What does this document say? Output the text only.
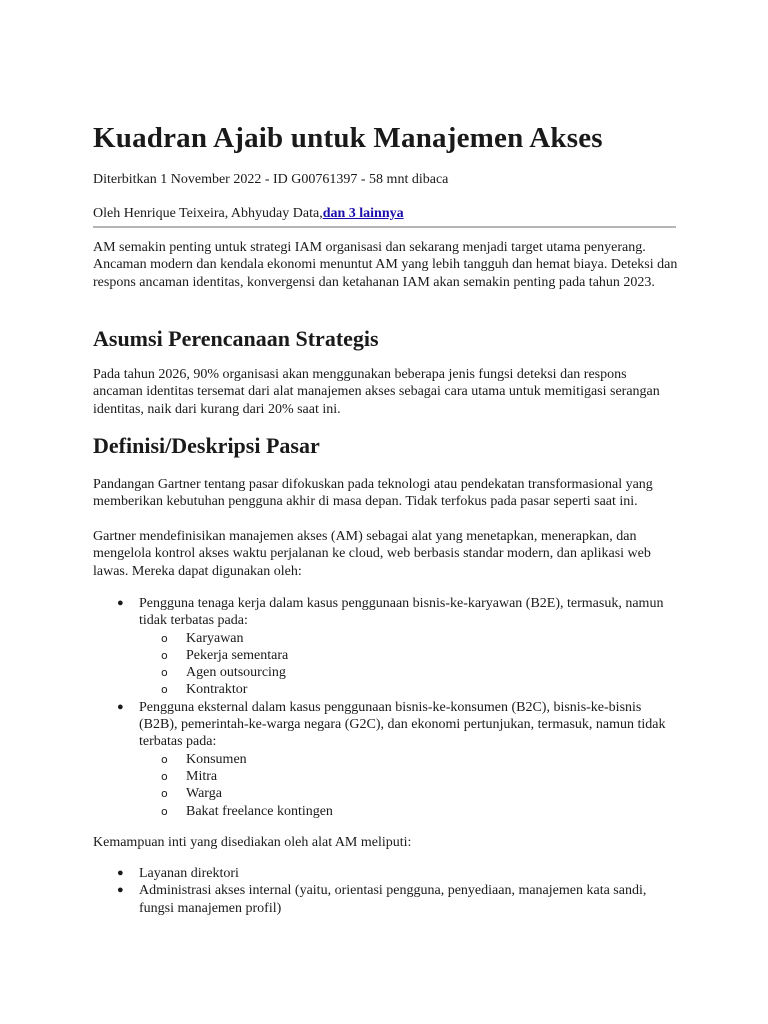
Kuadran Ajaib untuk Manajemen Akses

Diterbitkan 1 November 2022 - ID G00761397 - 58 mnt dibaca

Oleh Henrique Teixeira, Abhyuday Data,dan 3 lainnya

AM semakin penting untuk strategi IAM organisasi dan sekarang menjadi target utama penyerang. Ancaman modern dan kendala ekonomi menuntut AM yang lebih tangguh dan hemat biaya. Deteksi dan respons ancaman identitas, konvergensi dan ketahanan IAM akan semakin penting pada tahun 2023.

Asumsi Perencanaan Strategis

Pada tahun 2026, 90% organisasi akan menggunakan beberapa jenis fungsi deteksi dan respons ancaman identitas tersemat dari alat manajemen akses sebagai cara utama untuk memitigasi serangan identitas, naik dari kurang dari 20% saat ini.

Definisi/Deskripsi Pasar

Pandangan Gartner tentang pasar difokuskan pada teknologi atau pendekatan transformasional yang memberikan kebutuhan pengguna akhir di masa depan. Tidak terfokus pada pasar seperti saat ini.

Gartner mendefinisikan manajemen akses (AM) sebagai alat yang menetapkan, menerapkan, dan mengelola kontrol akses waktu perjalanan ke cloud, web berbasis standar modern, dan aplikasi web lawas. Mereka dapat digunakan oleh:

● Pengguna tenaga kerja dalam kasus penggunaan bisnis-ke-karyawan (B2E), termasuk, namun tidak terbatas pada:
o Karyawan
o Pekerja sementara
o Agen outsourcing
o Kontraktor
● Pengguna eksternal dalam kasus penggunaan bisnis-ke-konsumen (B2C), bisnis-ke-bisnis (B2B), pemerintah-ke-warga negara (G2C), dan ekonomi pertunjukan, termasuk, namun tidak terbatas pada:
o Konsumen
o Mitra
o Warga
o Bakat freelance kontingen

Kemampuan inti yang disediakan oleh alat AM meliputi:

● Layanan direktori
● Administrasi akses internal (yaitu, orientasi pengguna, penyediaan, manajemen kata sandi, fungsi manajemen profil)
